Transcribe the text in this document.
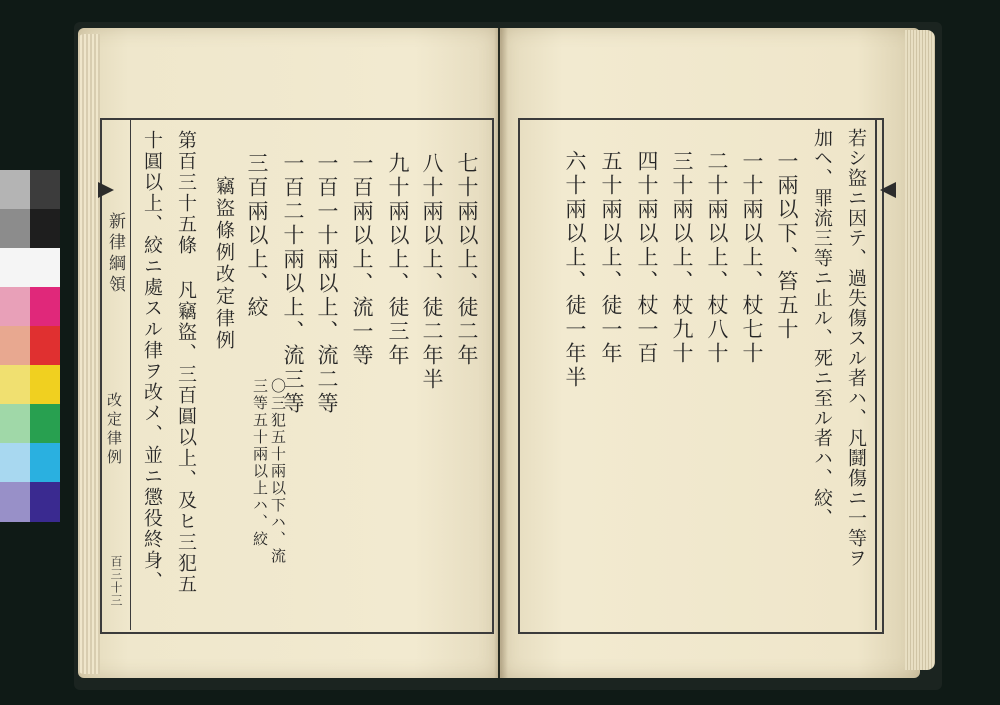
新律綱領
改定律例
百三十三
七十兩以上、徒二年
八十兩以上、徒二年半
九十兩以上、徒三年
一百兩以上、流一等
一百一十兩以上、流二等
一百二十兩以上、流三等
三百兩以上、絞
〇三犯五十兩以下ハ、流
三等五十兩以上ハ、絞
竊盜條例改定律例
第百三十五條 凡竊盜、三百圓以上、及ヒ三犯五
十圓以上、絞ニ處スル律ヲ改メ、並ニ懲役終身、	若シ盜ニ因テ、過失傷スル者ハ、凡鬪傷ニ一等ヲ
加ヘ、罪流三等ニ止ル、死ニ至ル者ハ、絞、
一兩以下、笞五十
一十兩以上、杖七十
二十兩以上、杖八十
三十兩以上、杖九十
四十兩以上、杖一百
五十兩以上、徒一年
六十兩以上、徒一年半
